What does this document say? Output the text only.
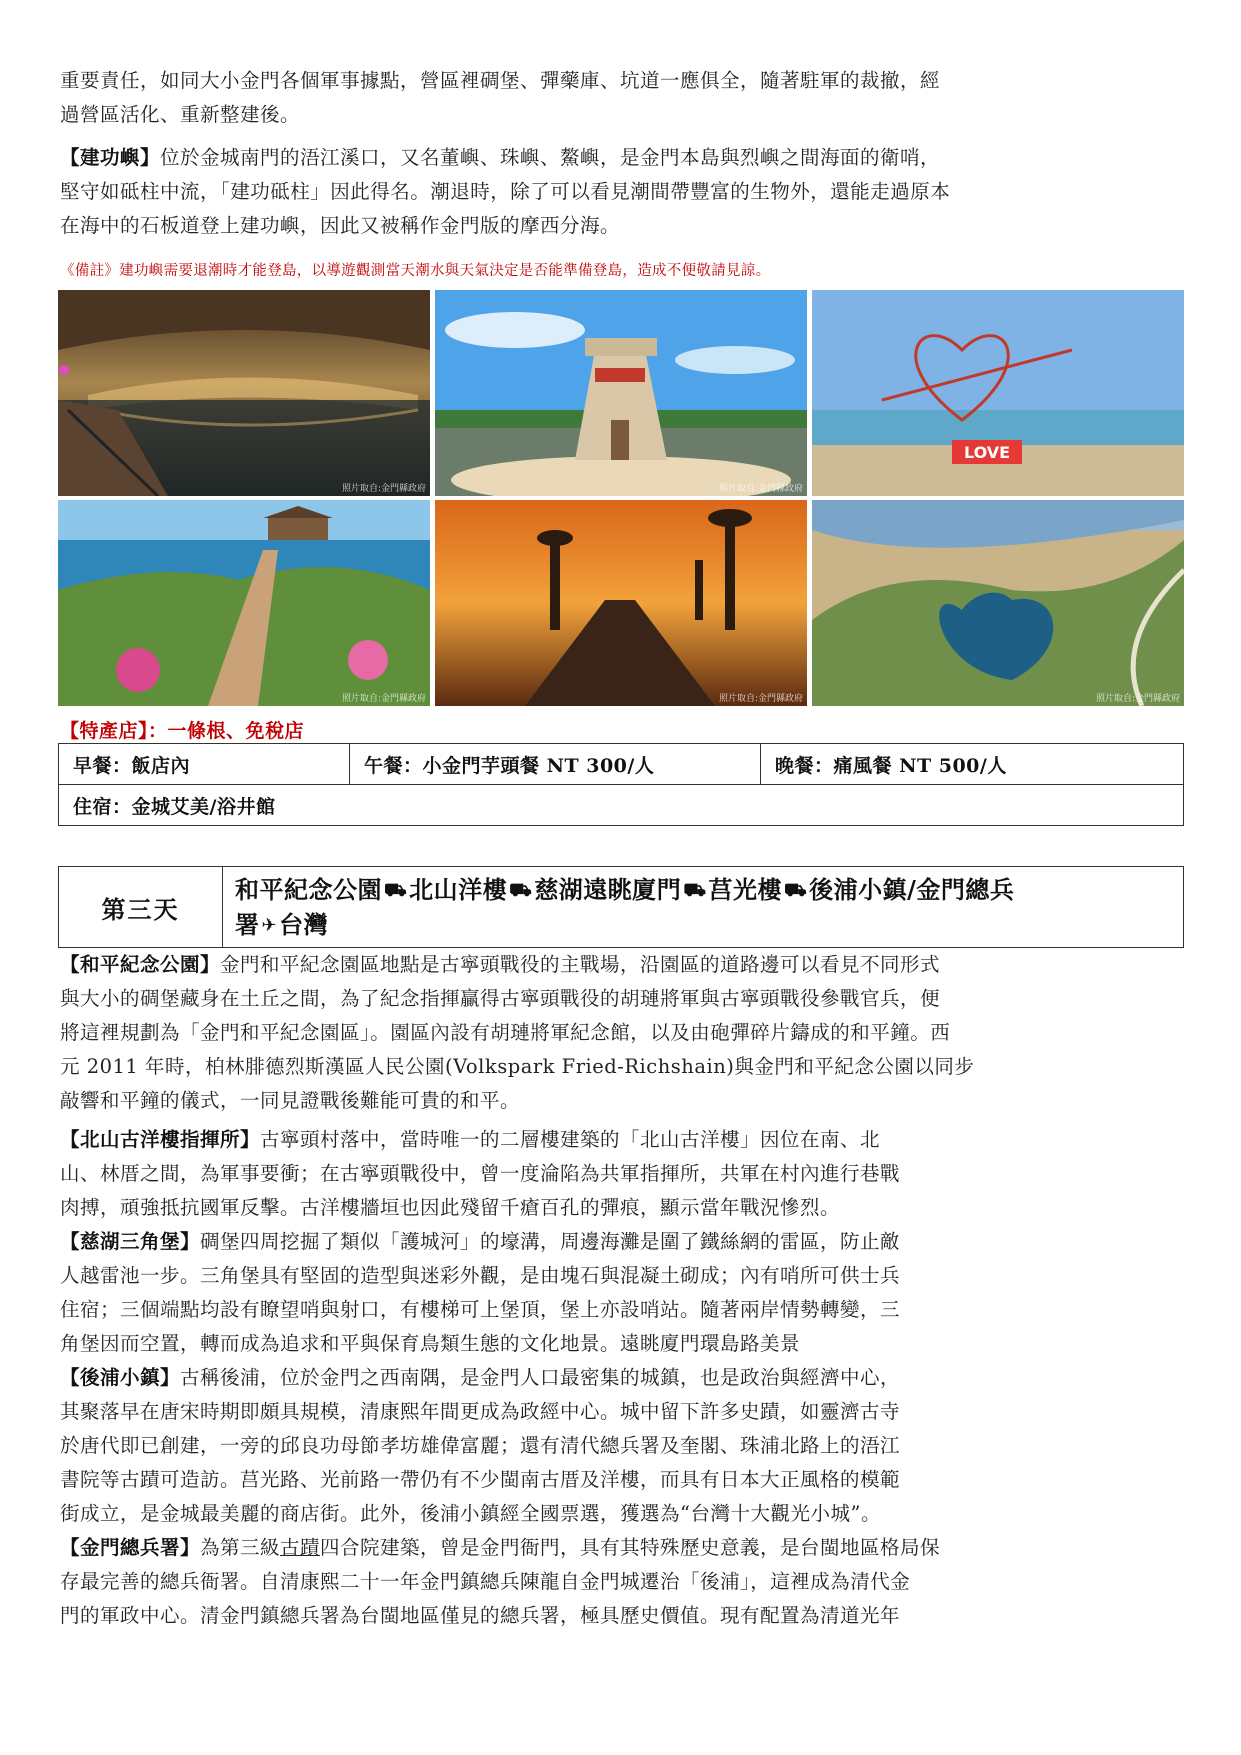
重要責任，如同大小金門各個軍事據點，營區裡碉堡、彈藥庫、坑道一應俱全，隨著駐軍的裁撤，經
過營區活化、重新整建後。

【建功嶼】位於金城南門的浯江溪口，又名董嶼、珠嶼、鰲嶼，是金門本島與烈嶼之間海面的衛哨，
堅守如砥柱中流，「建功砥柱」因此得名。潮退時，除了可以看見潮間帶豐富的生物外，還能走過原本
在海中的石板道登上建功嶼，因此又被稱作金門版的摩西分海。

《備註》建功嶼需要退潮時才能登島，以導遊觀測當天潮水與天氣決定是否能準備登島，造成不便敬請見諒。

照片取自:金門縣政府	照片取自:金門縣政府
LOVE
照片取自:金門縣政府	照片取自:金門縣政府	照片取自:金門縣政府

【特產店】：一條根、免稅店

早餐：飯店內	午餐：小金門芋頭餐 NT 300/人	晚餐：痛風餐 NT 500/人
住宿：金城艾美/浴井館
第三天
和平紀念公園 ⛟北山洋樓 ⛟慈湖遠眺廈門 ⛟莒光樓 ⛟後浦小鎮/金門總兵
署 ✈台灣

【和平紀念公園】金門和平紀念園區地點是古寧頭戰役的主戰場，沿園區的道路邊可以看見不同形式
與大小的碉堡藏身在土丘之間，為了紀念指揮贏得古寧頭戰役的胡璉將軍與古寧頭戰役參戰官兵，便
將這裡規劃為「金門和平紀念園區」。園區內設有胡璉將軍紀念館，以及由砲彈碎片鑄成的和平鐘。西
元 2011 年時，柏林腓德烈斯漢區人民公園(Volkspark Fried-Richshain)與金門和平紀念公園以同步
敲響和平鐘的儀式，一同見證戰後難能可貴的和平。

【北山古洋樓指揮所】古寧頭村落中，當時唯一的二層樓建築的「北山古洋樓」因位在南、北
山、林厝之間，為軍事要衝；在古寧頭戰役中，曾一度淪陷為共軍指揮所，共軍在村內進行巷戰
肉搏，頑強抵抗國軍反擊。古洋樓牆垣也因此殘留千瘡百孔的彈痕，顯示當年戰況慘烈。

【慈湖三角堡】碉堡四周挖掘了類似「護城河」的壕溝，周邊海灘是圍了鐵絲網的雷區，防止敵
人越雷池一步。三角堡具有堅固的造型與迷彩外觀，是由塊石與混凝土砌成；內有哨所可供士兵
住宿；三個端點均設有瞭望哨與射口，有樓梯可上堡頂，堡上亦設哨站。隨著兩岸情勢轉變，三
角堡因而空置，轉而成為追求和平與保育鳥類生態的文化地景。遠眺廈門環島路美景

【後浦小鎮】古稱後浦，位於金門之西南隅，是金門人口最密集的城鎮，也是政治與經濟中心，
其聚落早在唐宋時期即頗具規模，清康熙年間更成為政經中心。城中留下許多史蹟，如靈濟古寺
於唐代即已創建，一旁的邱良功母節孝坊雄偉富麗；還有清代總兵署及奎閣、珠浦北路上的浯江
書院等古蹟可造訪。莒光路、光前路一帶仍有不少閩南古厝及洋樓，而具有日本大正風格的模範
街成立，是金城最美麗的商店街。此外，後浦小鎮經全國票選，獲選為“台灣十大觀光小城”。

【金門總兵署】為第三級古蹟四合院建築，曾是金門衙門，具有其特殊歷史意義，是台閩地區格局保
存最完善的總兵衙署。自清康熙二十一年金門鎮總兵陳龍自金門城遷治「後浦」，這裡成為清代金
門的軍政中心。清金門鎮總兵署為台閩地區僅見的總兵署，極具歷史價值。現有配置為清道光年
